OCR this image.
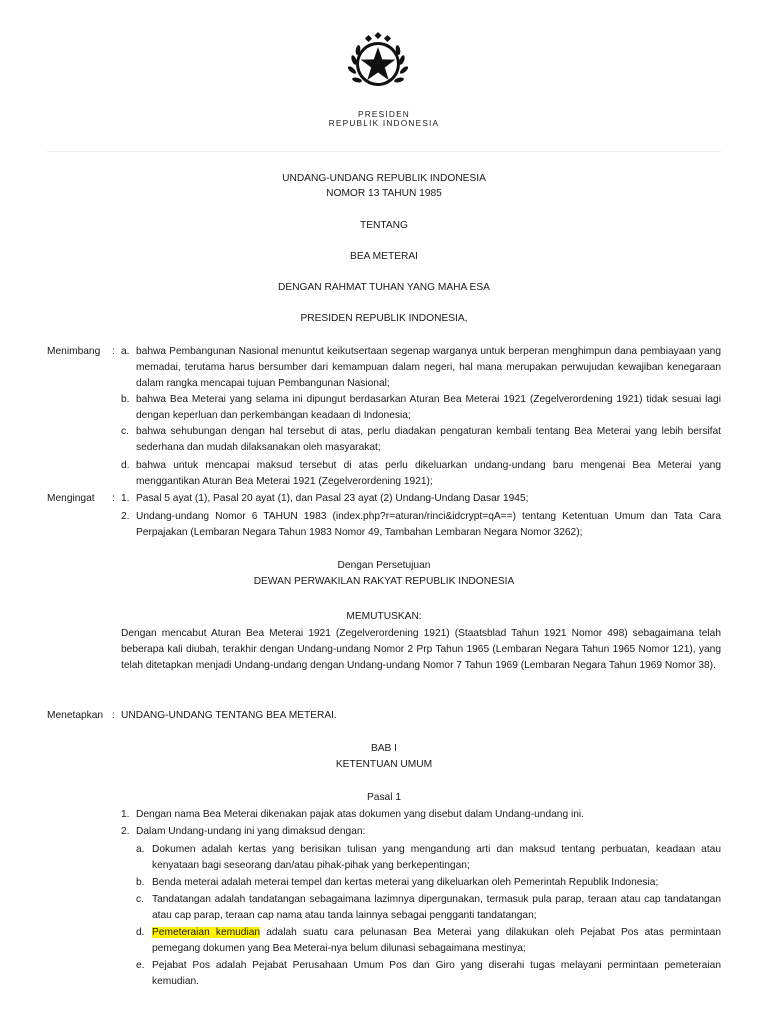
PRESIDEN
REPUBLIK INDONESIA
UNDANG-UNDANG REPUBLIK INDONESIA
NOMOR 13 TAHUN 1985
TENTANG
BEA METERAI
DENGAN RAHMAT TUHAN YANG MAHA ESA
PRESIDEN REPUBLIK INDONESIA,
Menimbang : a. bahwa Pembangunan Nasional menuntut keikutsertaan segenap warganya untuk berperan menghimpun dana pembiayaan yang memadai, terutama harus bersumber dari kemampuan dalam negeri, hal mana merupakan perwujudan kewajiban kenegaraan dalam rangka mencapai tujuan Pembangunan Nasional;
b. bahwa Bea Meterai yang selama ini dipungut berdasarkan Aturan Bea Meterai 1921 (Zegelverordening 1921) tidak sesuai lagi dengan keperluan dan perkembangan keadaan di Indonesia;
c. bahwa sehubungan dengan hal tersebut di atas, perlu diadakan pengaturan kembali tentang Bea Meterai yang lebih bersifat sederhana dan mudah dilaksanakan oleh masyarakat;
d. bahwa untuk mencapai maksud tersebut di atas perlu dikeluarkan undang-undang baru mengenai Bea Meterai yang menggantikan Aturan Bea Meterai 1921 (Zegelverordening 1921);
Mengingat : 1. Pasal 5 ayat (1), Pasal 20 ayat (1), dan Pasal 23 ayat (2) Undang-Undang Dasar 1945;
2. Undang-undang Nomor 6 TAHUN 1983 (index.php?r=aturan/rinci&idcrypt=qA==) tentang Ketentuan Umum dan Tata Cara Perpajakan (Lembaran Negara Tahun 1983 Nomor 49, Tambahan Lembaran Negara Nomor 3262);
Dengan Persetujuan
DEWAN PERWAKILAN RAKYAT REPUBLIK INDONESIA
MEMUTUSKAN:
Dengan mencabut Aturan Bea Meterai 1921 (Zegelverordening 1921) (Staatsblad Tahun 1921 Nomor 498) sebagaimana telah beberapa kali diubah, terakhir dengan Undang-undang Nomor 2 Prp Tahun 1965 (Lembaran Negara Tahun 1965 Nomor 121), yang telah ditetapkan menjadi Undang-undang dengan Undang-undang Nomor 7 Tahun 1969 (Lembaran Negara Tahun 1969 Nomor 38).
Menetapkan : UNDANG-UNDANG TENTANG BEA METERAI.
BAB I
KETENTUAN UMUM
Pasal 1
1. Dengan nama Bea Meterai dikenakan pajak atas dokumen yang disebut dalam Undang-undang ini.
2. Dalam Undang-undang ini yang dimaksud dengan:
a. Dokumen adalah kertas yang berisikan tulisan yang mengandung arti dan maksud tentang perbuatan, keadaan atau kenyataan bagi seseorang dan/atau pihak-pihak yang berkepentingan;
b. Benda meterai adalah meterai tempel dan kertas meterai yang dikeluarkan oleh Pemerintah Republik Indonesia;
c. Tandatangan adalah tandatangan sebagaimana lazimnya dipergunakan, termasuk pula parap, teraan atau cap tandatangan atau cap parap, teraan cap nama atau tanda lainnya sebagai pengganti tandatangan;
d. Pemeteraian kemudian adalah suatu cara pelunasan Bea Meterai yang dilakukan oleh Pejabat Pos atas permintaan pemegang dokumen yang Bea Meterai-nya belum dilunasi sebagaimana mestinya;
e. Pejabat Pos adalah Pejabat Perusahaan Umum Pos dan Giro yang diserahi tugas melayani permintaan pemeteraian kemudian.
